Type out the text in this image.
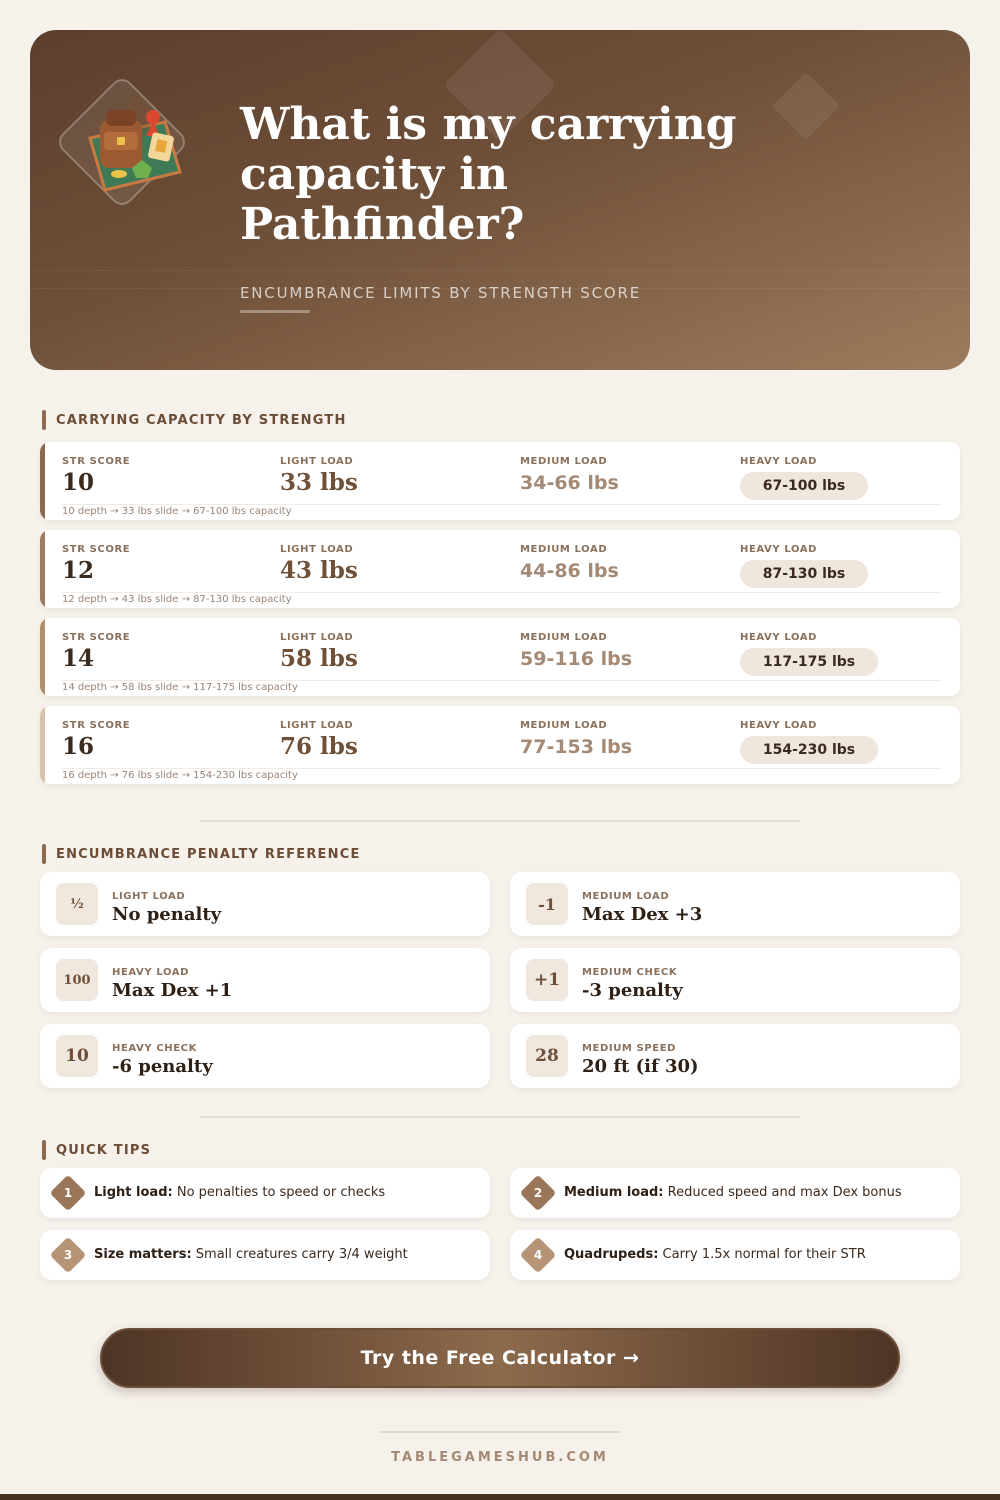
What is my carrying capacity in Pathfinder?
ENCUMBRANCE LIMITS BY STRENGTH SCORE
CARRYING CAPACITY BY STRENGTH
STR SCORE
10
LIGHT LOAD
33 lbs
MEDIUM LOAD
34-66 lbs
HEAVY LOAD
67-100 lbs
10 depth → 33 lbs slide → 67-100 lbs capacity
STR SCORE
12
LIGHT LOAD
43 lbs
MEDIUM LOAD
44-86 lbs
HEAVY LOAD
87-130 lbs
12 depth → 43 lbs slide → 87-130 lbs capacity
STR SCORE
14
LIGHT LOAD
58 lbs
MEDIUM LOAD
59-116 lbs
HEAVY LOAD
117-175 lbs
14 depth → 58 lbs slide → 117-175 lbs capacity
STR SCORE
16
LIGHT LOAD
76 lbs
MEDIUM LOAD
77-153 lbs
HEAVY LOAD
154-230 lbs
16 depth → 76 lbs slide → 154-230 lbs capacity
ENCUMBRANCE PENALTY REFERENCE
½	LIGHT LOAD
No penalty	-1	MEDIUM LOAD
Max Dex +3
100	HEAVY LOAD
Max Dex +1	+1	MEDIUM CHECK
-3 penalty
10	HEAVY CHECK
-6 penalty	28	MEDIUM SPEED
20 ft (if 30)
QUICK TIPS
1	Light load: No penalties to speed or checks	2	Medium load: Reduced speed and max Dex bonus
3	Size matters: Small creatures carry 3/4 weight	4	Quadrupeds: Carry 1.5x normal for their STR
Try the Free Calculator →
TABLEGAMESHUB.COM
